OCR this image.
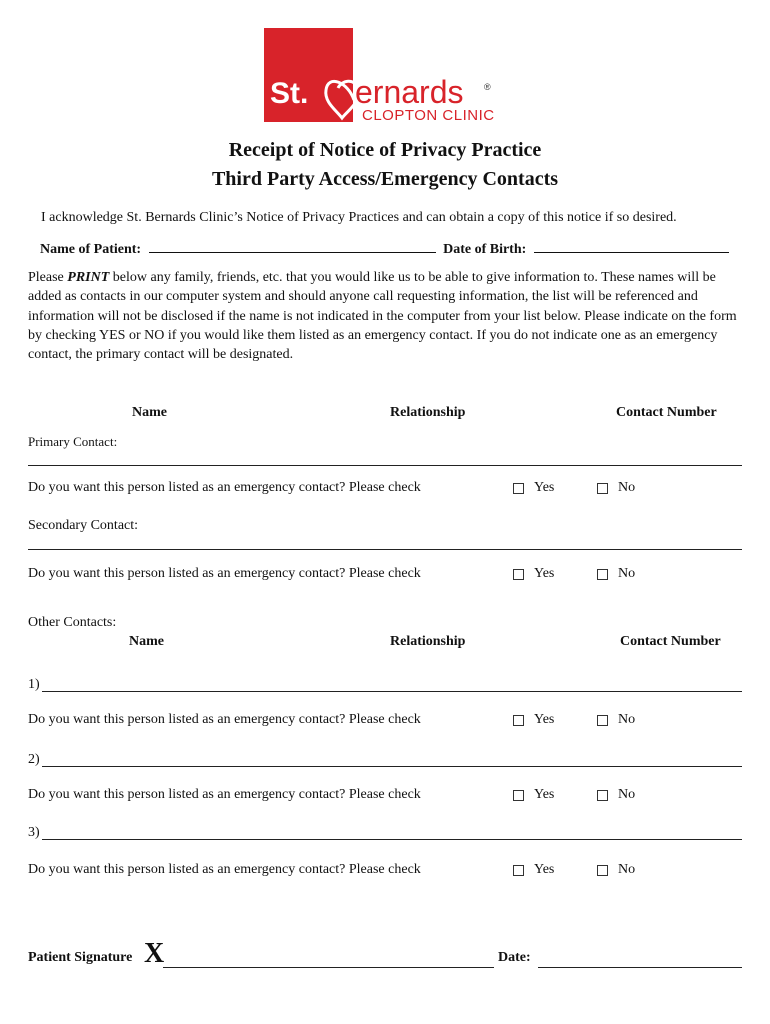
St. ernards ®
CLOPTON CLINIC
Receipt of Notice of Privacy Practice
Third Party Access/Emergency Contacts
I acknowledge St. Bernards Clinic’s Notice of Privacy Practices and can obtain a copy of this notice if so desired.
Name of Patient:	Date of Birth:
Please PRINT below any family, friends, etc. that you would like us to be able to give information to. These names will be added as contacts in our computer system and should anyone call requesting information, the list will be referenced and information will not be disclosed if the name is not indicated in the computer from your list below. Please indicate on the form by checking YES or NO if you would like them listed as an emergency contact. If you do not indicate one as an emergency contact, the primary contact will be designated.
Name	Relationship	Contact Number
Primary Contact:
Do you want this person listed as an emergency contact? Please check	Yes	No
Secondary Contact:
Do you want this person listed as an emergency contact? Please check	Yes	No
Other Contacts:
Name	Relationship	Contact Number
1)
Do you want this person listed as an emergency contact? Please check	Yes	No
2)
Do you want this person listed as an emergency contact? Please check	Yes	No
3)
Do you want this person listed as an emergency contact? Please check	Yes	No
Patient Signature X	Date:
